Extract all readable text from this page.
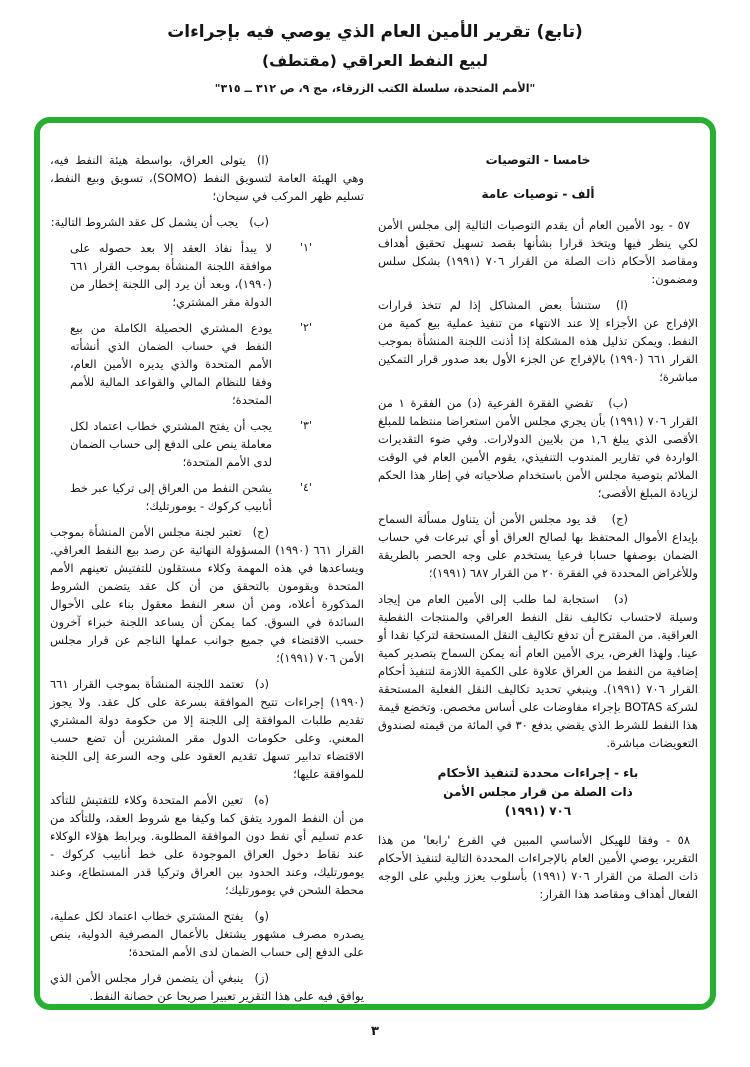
(تابع) تقرير الأمين العام الذي يوصي فيه بإجراءات
لبيع النفط العراقي (مقتطف)
"الأمم المتحدة، سلسلة الكتب الزرقاء، مج ٩، ص ٣١٢ ــ ٣١٥"
خامسا - التوصيات
ألف - توصيات عامة

٥٧ - يود الأمين العام أن يقدم التوصيات التالية إلى مجلس الأمن لكي ينظر فيها ويتخذ قرارا بشأنها بقصد تسهيل تحقيق أهداف ومقاصد الأحكام ذات الصلة من القرار ٧٠٦ (١٩٩١) بشكل سلس ومضمون:

(ا)ستنشأ بعض المشاكل إذا لم تتخذ قرارات الإفراج عن الأجزاء إلا عند الانتهاء من تنفيذ عملية بيع كمية من النفط. ويمكن تذليل هذه المشكلة إذا أذنت اللجنة المنشأة بموجب القرار ٦٦١ (١٩٩٠) بالإفراج عن الجزء الأول بعد صدور قرار التمكين مباشرة؛

(ب)تقضي الفقرة الفرعية (د) من الفقرة ١ من القرار ٧٠٦ (١٩٩١) بأن يجري مجلس الأمن استعراضا منتظما للمبلغ الأقصى الذي يبلغ ١,٦ من بلايين الدولارات. وفي ضوء التقديرات الواردة في تقارير المندوب التنفيذي، يقوم الأمين العام في الوقت الملائم بتوصية مجلس الأمن باستخدام صلاحياته في إطار هذا الحكم لزيادة المبلغ الأقصى؛

(ج)قد يود مجلس الأمن أن يتناول مسألة السماح بإيداع الأموال المحتفظ بها لصالح العراق أو أي تبرعات في حساب الضمان بوصفها حسابا فرعيا يستخدم على وجه الحصر بالطريقة وللأغراض المحددة في الفقرة ٢٠ من القرار ٦٨٧ (١٩٩١)؛

(د)استجابة لما طلب إلى الأمين العام من إيجاد وسيلة لاحتساب تكاليف نقل النفط العراقي والمنتجات النفطية العراقية. من المقترح أن تدفع تكاليف النقل المستحقة لتركيا نقدا أو عينا. ولهذا الغرض، يرى الأمين العام أنه يمكن السماح بتصدير كمية إضافية من النفط من العراق علاوة على الكمية اللازمة لتنفيذ أحكام القرار ٧٠٦ (١٩٩١). وينبغي تحديد تكاليف النقل الفعلية المستحقة لشركة BOTAS بإجراء مفاوضات على أساس مخصص. وتخضع قيمة هذا النفط للشرط الذي يقضي بدفع ٣٠ في المائة من قيمته لصندوق التعويضات مباشرة.

باء - إجراءات محددة لتنفيذ الأحكام
ذات الصلة من قرار مجلس الأمن
٧٠٦ (١٩٩١)

٥٨ - وفقا للهيكل الأساسي المبين في الفرع 'رابعا' من هذا التقرير، يوصي الأمين العام بالإجراءات المحددة التالية لتنفيذ الأحكام ذات الصلة من القرار ٧٠٦ (١٩٩١) بأسلوب يعزز ويلبي على الوجه الفعال أهداف ومقاصد هذا القرار:

(ا)يتولى العراق، بواسطة هيئة النفط فيه، وهي الهيئة العامة لتسويق النفط (SOMO)، تسويق وبيع النفط، تسليم ظهر المركب في سيحان؛

(ب)يجب أن يشمل كل عقد الشروط التالية:

'١'
لا يبدأ نفاذ العقد إلا بعد حصوله على موافقة اللجنة المنشأة بموجب القرار ٦٦١ (١٩٩٠)، وبعد أن يرد إلى اللجنة إخطار من الدولة مقر المشتري؛
'٢'
يودع المشتري الحصيلة الكاملة من بيع النفط في حساب الضمان الذي أنشأته الأمم المتحدة والذي يديره الأمين العام، وفقا للنظام المالي والقواعد المالية للأمم المتحدة؛
'٣'
يجب أن يفتح المشتري خطاب اعتماد لكل معاملة ينص على الدفع إلى حساب الضمان لدى الأمم المتحدة؛
'٤'
يشحن النفط من العراق إلى تركيا عبر خط أنابيب كركوك - يومورتليك؛

(ج)تعتبر لجنة مجلس الأمن المنشأة بموجب القرار ٦٦١ (١٩٩٠) المسؤولة النهائية عن رصد بيع النفط العراقي. ويساعدها في هذه المهمة وكلاء مستقلون للتفتيش تعينهم الأمم المتحدة ويقومون بالتحقق من أن كل عقد يتضمن الشروط المذكورة أعلاه، ومن أن سعر النفط معقول بناء على الأحوال السائدة في السوق. كما يمكن أن يساعد اللجنة خبراء آخرون حسب الاقتضاء في جميع جوانب عملها الناجم عن قرار مجلس الأمن ٧٠٦ (١٩٩١)؛

(د)تعتمد اللجنة المنشأة بموجب القرار ٦٦١ (١٩٩٠) إجراءات تتيح الموافقة بسرعة على كل عقد. ولا يجوز تقديم طلبات الموافقة إلى اللجنة إلا من حكومة دولة المشتري المعني. وعلى حكومات الدول مقر المشترين أن تضع حسب الاقتضاء تدابير تسهل تقديم العقود على وجه السرعة إلى اللجنة للموافقة عليها؛

(ه)تعين الأمم المتحدة وكلاء للتفتيش للتأكد من أن النفط المورد يتفق كما وكيفا مع شروط العقد، وللتأكد من عدم تسليم أي نفط دون الموافقة المطلوبة. ويرابط هؤلاء الوكلاء عند نقاط دخول العراق الموجودة على خط أنابيب كركوك - يومورتليك، وعند الحدود بين العراق وتركيا قدر المستطاع، وعند محطة الشحن في يومورتليك؛

(و)يفتح المشتري خطاب اعتماد لكل عملية، يصدره مصرف مشهور يشتغل بالأعمال المصرفية الدولية، ينص على الدفع إلى حساب الضمان لدى الأمم المتحدة؛

(ز)ينبغي أن يتضمن قرار مجلس الأمن الذي يوافق فيه على هذا التقرير تعبيرا صريحا عن حصانة النفط.

٣
